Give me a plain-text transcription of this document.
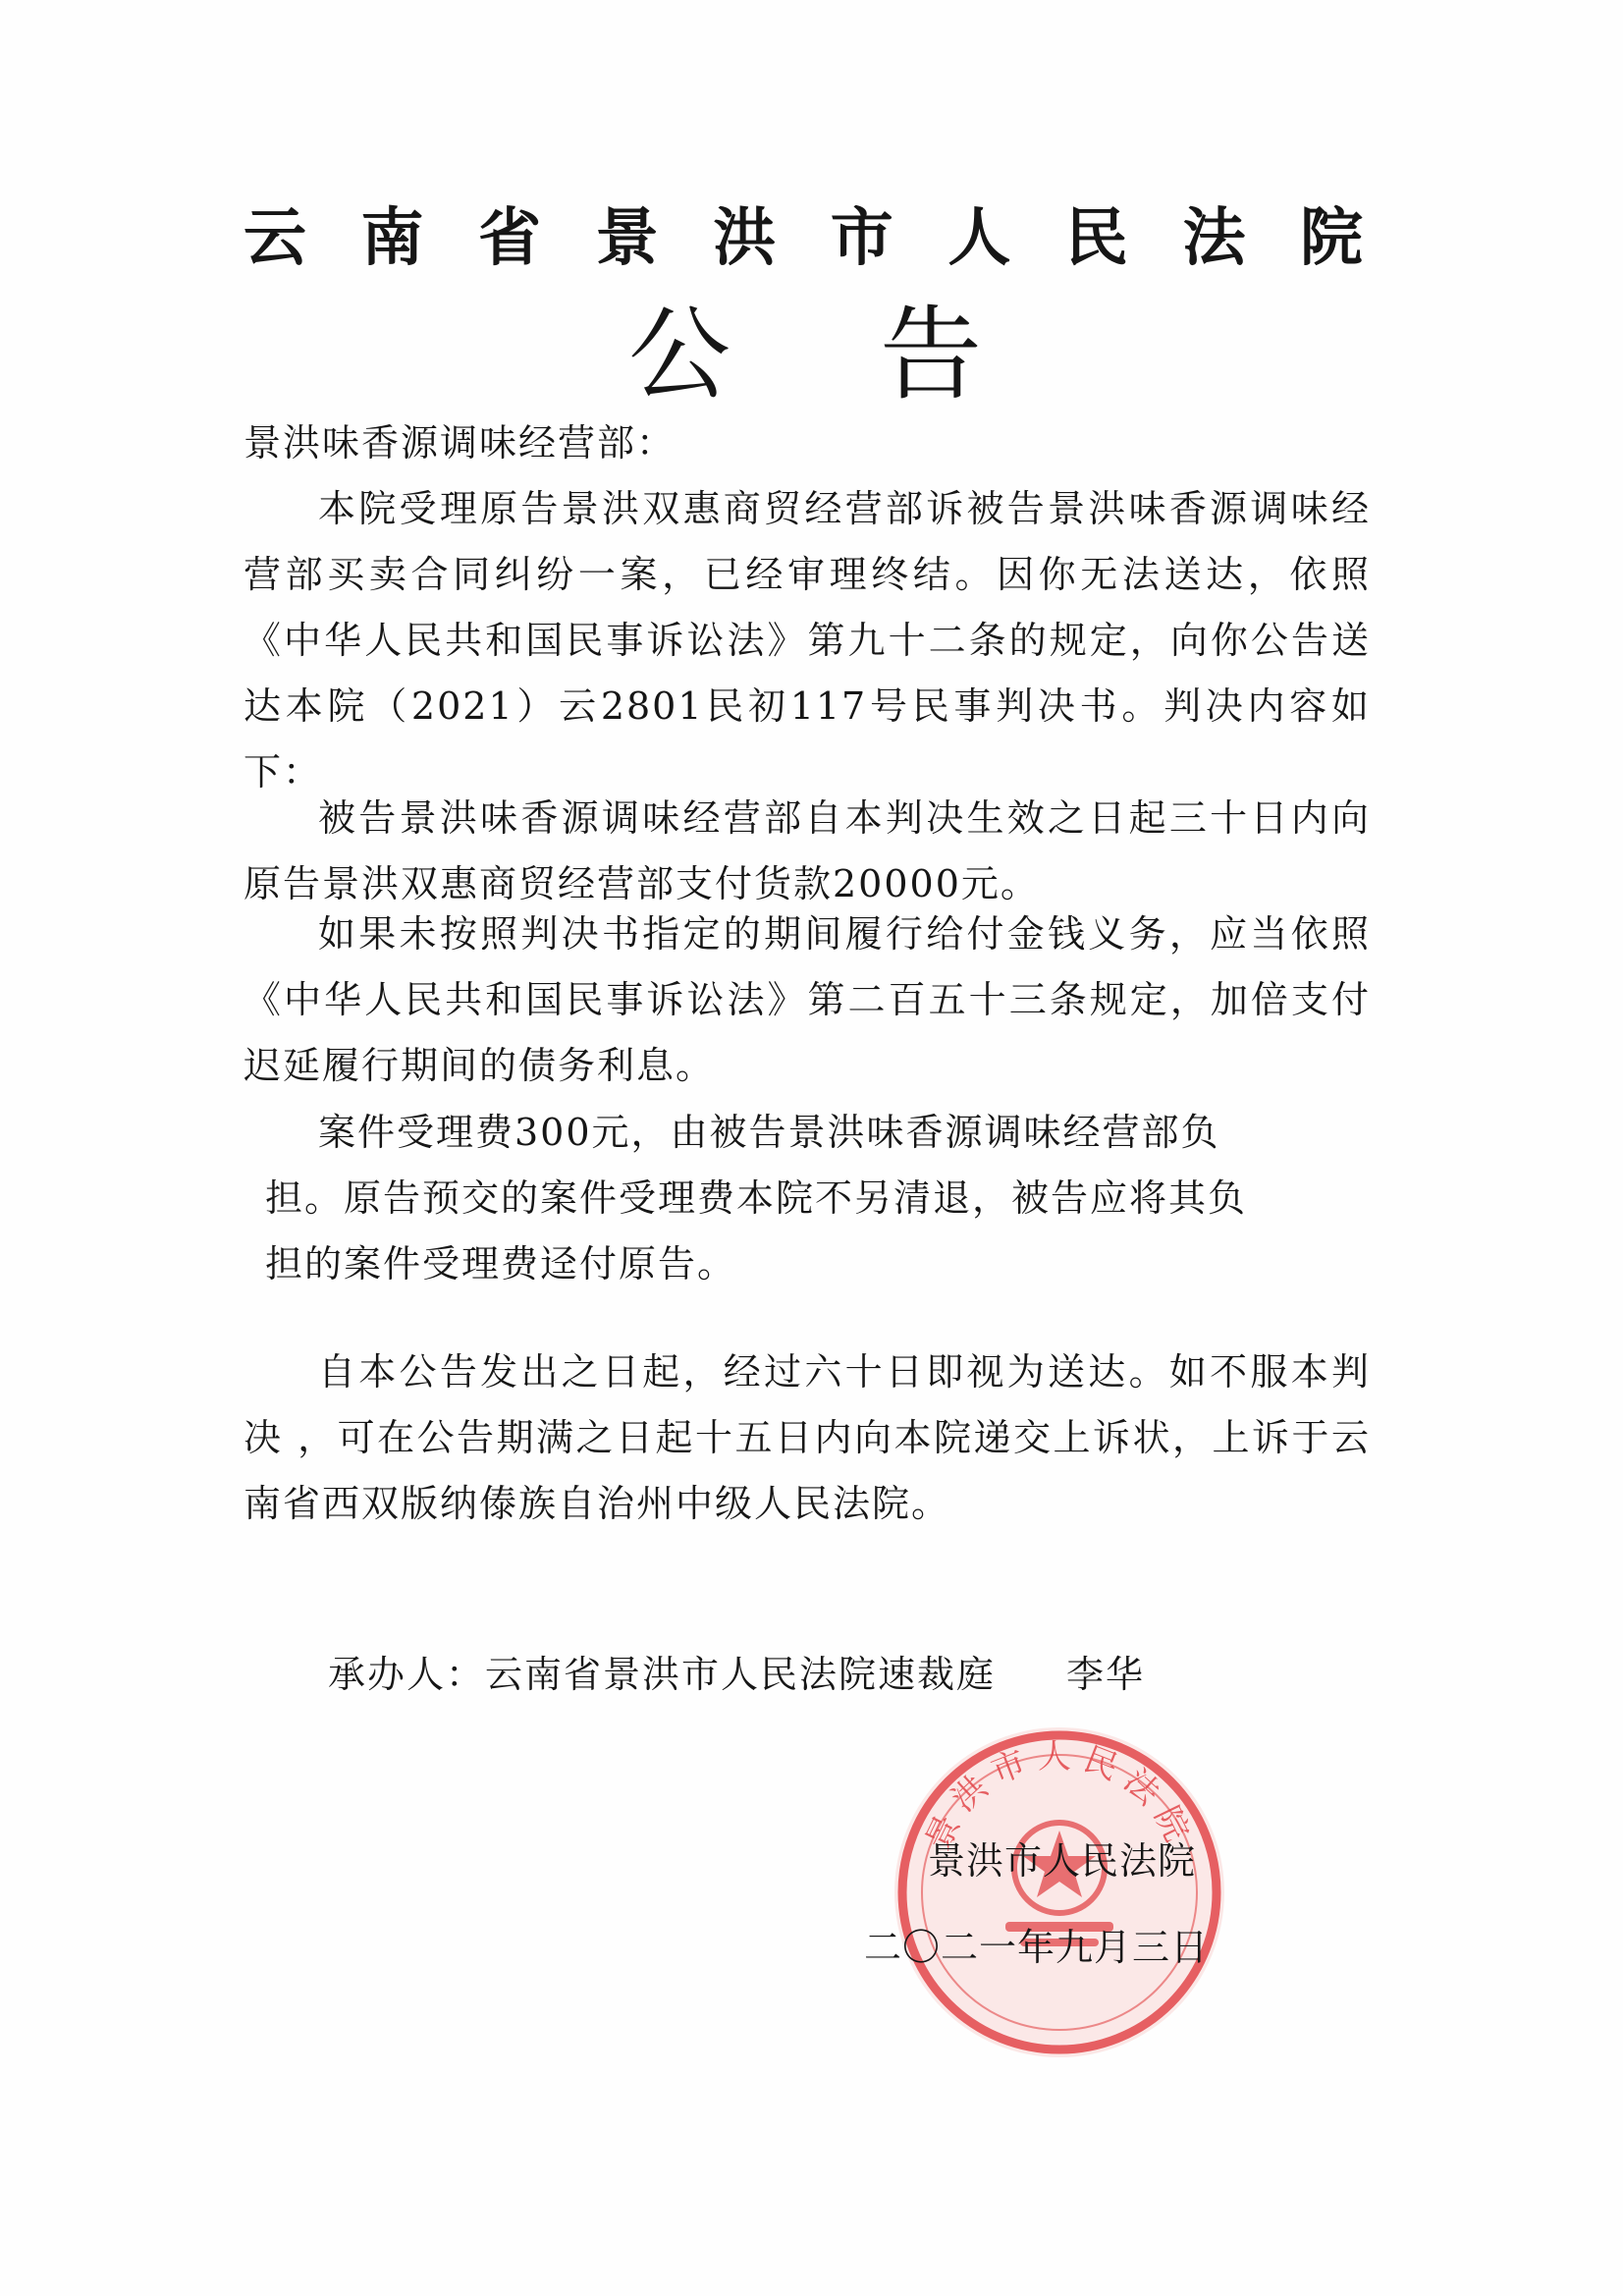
云南省景洪市人民法院
公告
景洪味香源调味经营部：

本院受理原告景洪双惠商贸经营部诉被告景洪味香源调味经营部买卖合同纠纷一案，已经审理终结。因你无法送达，依照《中华人民共和国民事诉讼法》第九十二条的规定，向你公告送达本院（2021）云2801民初117号民事判决书。判决内容如下：

被告景洪味香源调味经营部自本判决生效之日起三十日内向原告景洪双惠商贸经营部支付货款20000元。

如果未按照判决书指定的期间履行给付金钱义务，应当依照《中华人民共和国民事诉讼法》第二百五十三条规定，加倍支付迟延履行期间的债务利息。

案件受理费300元，由被告景洪味香源调味经营部负
担。原告预交的案件受理费本院不另清退，被告应将其负
担的案件受理费迳付原告。

自本公告发出之日起，经过六十日即视为送达。如不服本判决 ，可在公告期满之日起十五日内向本院递交上诉状，上诉于云南省西双版纳傣族自治州中级人民法院。

承办人：云南省景洪市人民法院速裁庭 李华
景洪市人民法院
景洪市人民法院
二〇二一年九月三日
